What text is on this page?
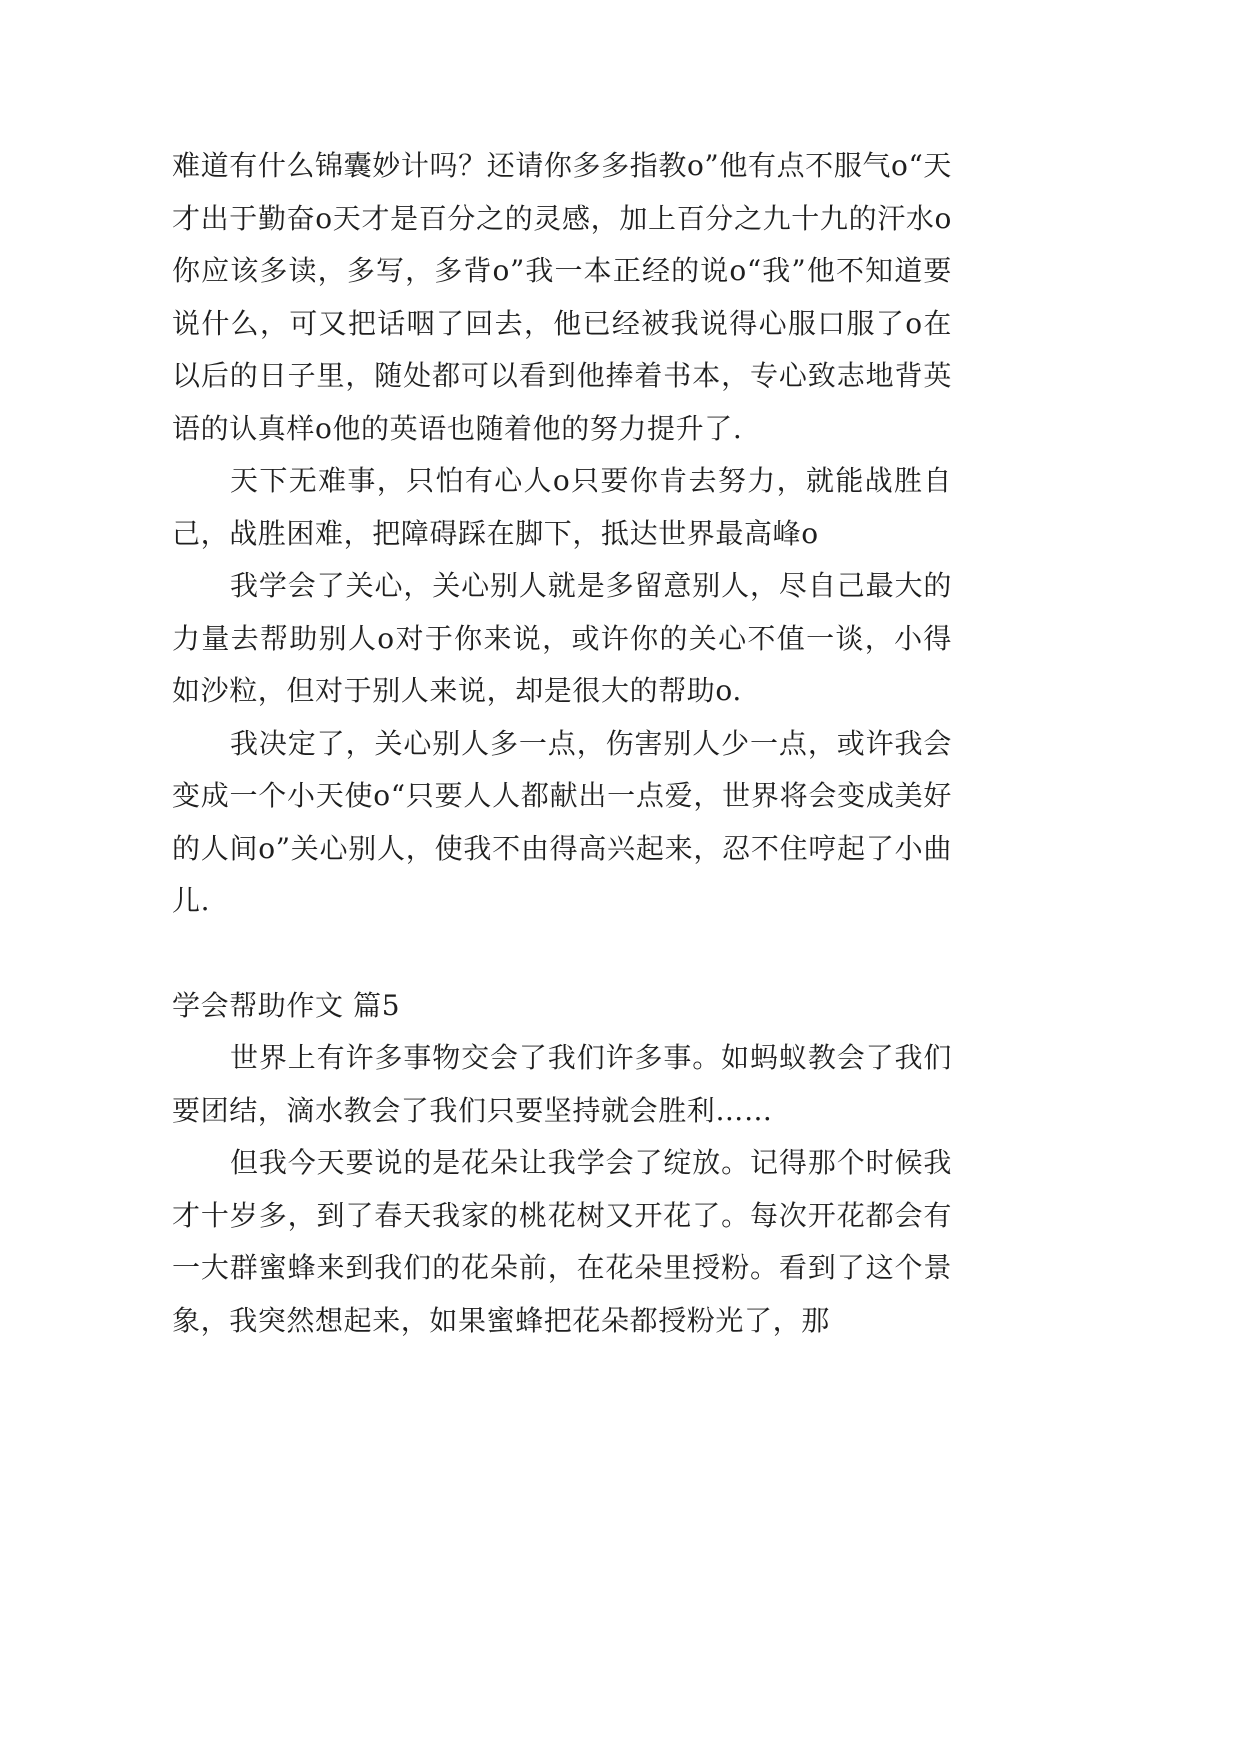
难道有什么锦囊妙计吗？还请你多多指教o”他有点不服气o“天才出于勤奋o天才是百分之的灵感，加上百分之九十九的汗水o你应该多读，多写，多背o”我一本正经的说o“我”他不知道要说什么，可又把话咽了回去，他已经被我说得心服口服了o在以后的日子里，随处都可以看到他捧着书本，专心致志地背英语的认真样o他的英语也随着他的努力提升了.

天下无难事，只怕有心人o只要你肯去努力，就能战胜自己，战胜困难，把障碍踩在脚下，抵达世界最高峰o

我学会了关心，关心别人就是多留意别人，尽自己最大的力量去帮助别人o对于你来说，或许你的关心不值一谈，小得如沙粒，但对于别人来说，却是很大的帮助o.

我决定了，关心别人多一点，伤害别人少一点，或许我会变成一个小天使o“只要人人都献出一点爱，世界将会变成美好的人间o”关心别人，使我不由得高兴起来，忍不住哼起了小曲儿.

学会帮助作文 篇5

世界上有许多事物交会了我们许多事。如蚂蚁教会了我们要团结，滴水教会了我们只要坚持就会胜利……

但我今天要说的是花朵让我学会了绽放。记得那个时候我才十岁多，到了春天我家的桃花树又开花了。每次开花都会有一大群蜜蜂来到我们的花朵前，在花朵里授粉。看到了这个景象，我突然想起来，如果蜜蜂把花朵都授粉光了，那
